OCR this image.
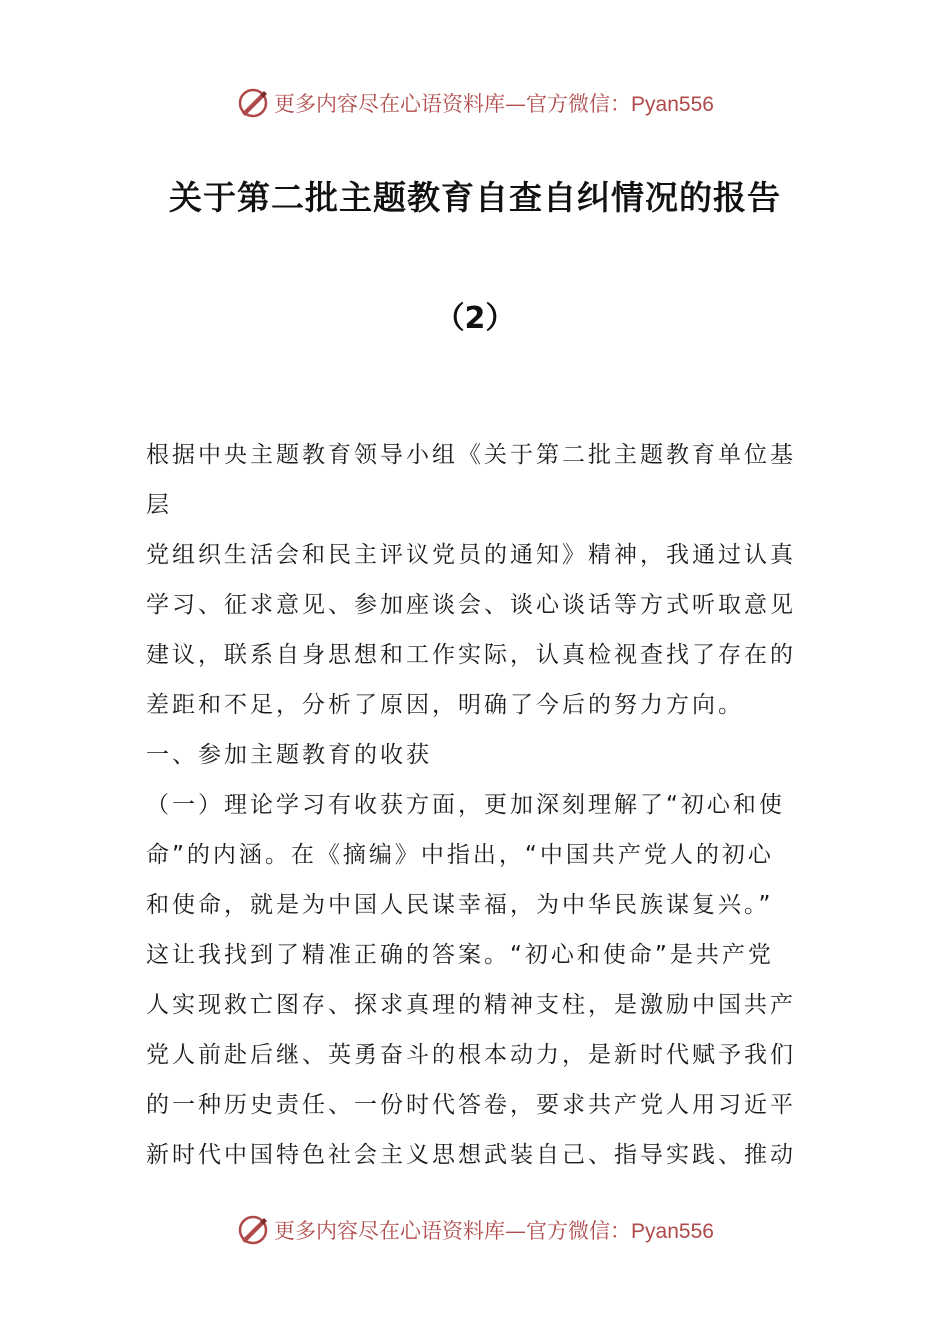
更多内容尽在心语资料库—官方微信：Pyan556
关于第二批主题教育自查自纠情况的报告
（2）
根据中央主题教育领导小组《关于第二批主题教育单位基
层
党组织生活会和民主评议党员的通知》精神，我通过认真
学习、征求意见、参加座谈会、谈心谈话等方式听取意见
建议，联系自身思想和工作实际，认真检视查找了存在的
差距和不足，分析了原因，明确了今后的努力方向。
一、参加主题教育的收获
（一）理论学习有收获方面，更加深刻理解了“初心和使
命”的内涵。在《摘编》中指出，“中国共产党人的初心
和使命，就是为中国人民谋幸福，为中华民族谋复兴。”
这让我找到了精准正确的答案。“初心和使命”是共产党
人实现救亡图存、探求真理的精神支柱，是激励中国共产
党人前赴后继、英勇奋斗的根本动力，是新时代赋予我们
的一种历史责任、一份时代答卷，要求共产党人用习近平
新时代中国特色社会主义思想武装自己、指导实践、推动
更多内容尽在心语资料库—官方微信：Pyan556
